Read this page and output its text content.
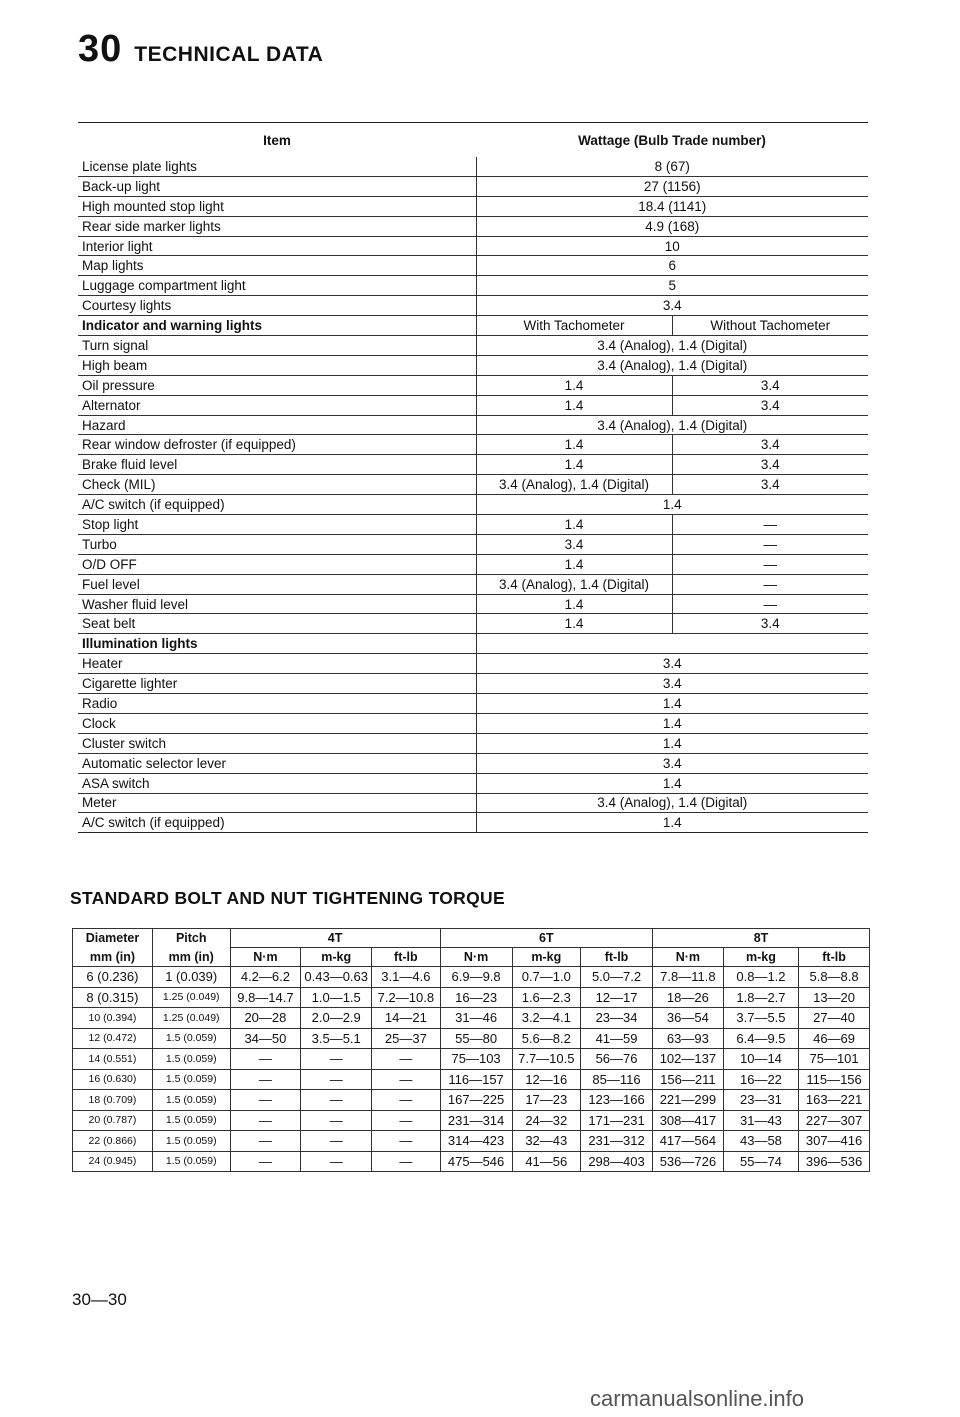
30 TECHNICAL DATA
Item	Wattage (Bulb Trade number)	
License plate lights	8 (67)	
Back-up light	27 (1156)	
High mounted stop light	18.4 (1141)	
Rear side marker lights	4.9 (168)	
Interior light	10	
Map lights	6	
Luggage compartment light	5	
Courtesy lights	3.4	
Indicator and warning lights	With Tachometer	Without Tachometer
Turn signal	3.4 (Analog), 1.4 (Digital)	
High beam	3.4 (Analog), 1.4 (Digital)	
Oil pressure	1.4	3.4
Alternator	1.4	3.4
Hazard	3.4 (Analog), 1.4 (Digital)	
Rear window defroster (if equipped)	1.4	3.4
Brake fluid level	1.4	3.4
Check (MIL)	3.4 (Analog), 1.4 (Digital)	3.4
A/C switch (if equipped)	1.4	
Stop light	1.4	—
Turbo	3.4	—
O/D OFF	1.4	—
Fuel level	3.4 (Analog), 1.4 (Digital)	—
Washer fluid level	1.4	—
Seat belt	1.4	3.4
Illumination lights		
Heater	3.4	
Cigarette lighter	3.4	
Radio	1.4	
Clock	1.4	
Cluster switch	1.4	
Automatic selector lever	3.4	
ASA switch	1.4	
Meter	3.4 (Analog), 1.4 (Digital)	
A/C switch (if equipped)	1.4	
STANDARD BOLT AND NUT TIGHTENING TORQUE
Diameter	Pitch	4T			6T			8T		
mm (in)	mm (in)	N·m	m-kg	ft-lb	N·m	m-kg	ft-lb	N·m	m-kg	ft-lb
6 (0.236)	1 (0.039)	4.2—6.2	0.43—0.63	3.1—4.6	6.9—9.8	0.7—1.0	5.0—7.2	7.8—11.8	0.8—1.2	5.8—8.8
8 (0.315)	1.25 (0.049)	9.8—14.7	1.0—1.5	7.2—10.8	16—23	1.6—2.3	12—17	18—26	1.8—2.7	13—20
10 (0.394)	1.25 (0.049)	20—28	2.0—2.9	14—21	31—46	3.2—4.1	23—34	36—54	3.7—5.5	27—40
12 (0.472)	1.5 (0.059)	34—50	3.5—5.1	25—37	55—80	5.6—8.2	41—59	63—93	6.4—9.5	46—69
14 (0.551)	1.5 (0.059)	—	—	—	75—103	7.7—10.5	56—76	102—137	10—14	75—101
16 (0.630)	1.5 (0.059)	—	—	—	116—157	12—16	85—116	156—211	16—22	115—156
18 (0.709)	1.5 (0.059)	—	—	—	167—225	17—23	123—166	221—299	23—31	163—221
20 (0.787)	1.5 (0.059)	—	—	—	231—314	24—32	171—231	308—417	31—43	227—307
22 (0.866)	1.5 (0.059)	—	—	—	314—423	32—43	231—312	417—564	43—58	307—416
24 (0.945)	1.5 (0.059)	—	—	—	475—546	41—56	298—403	536—726	55—74	396—536
30—30
carmanualsonline.info
